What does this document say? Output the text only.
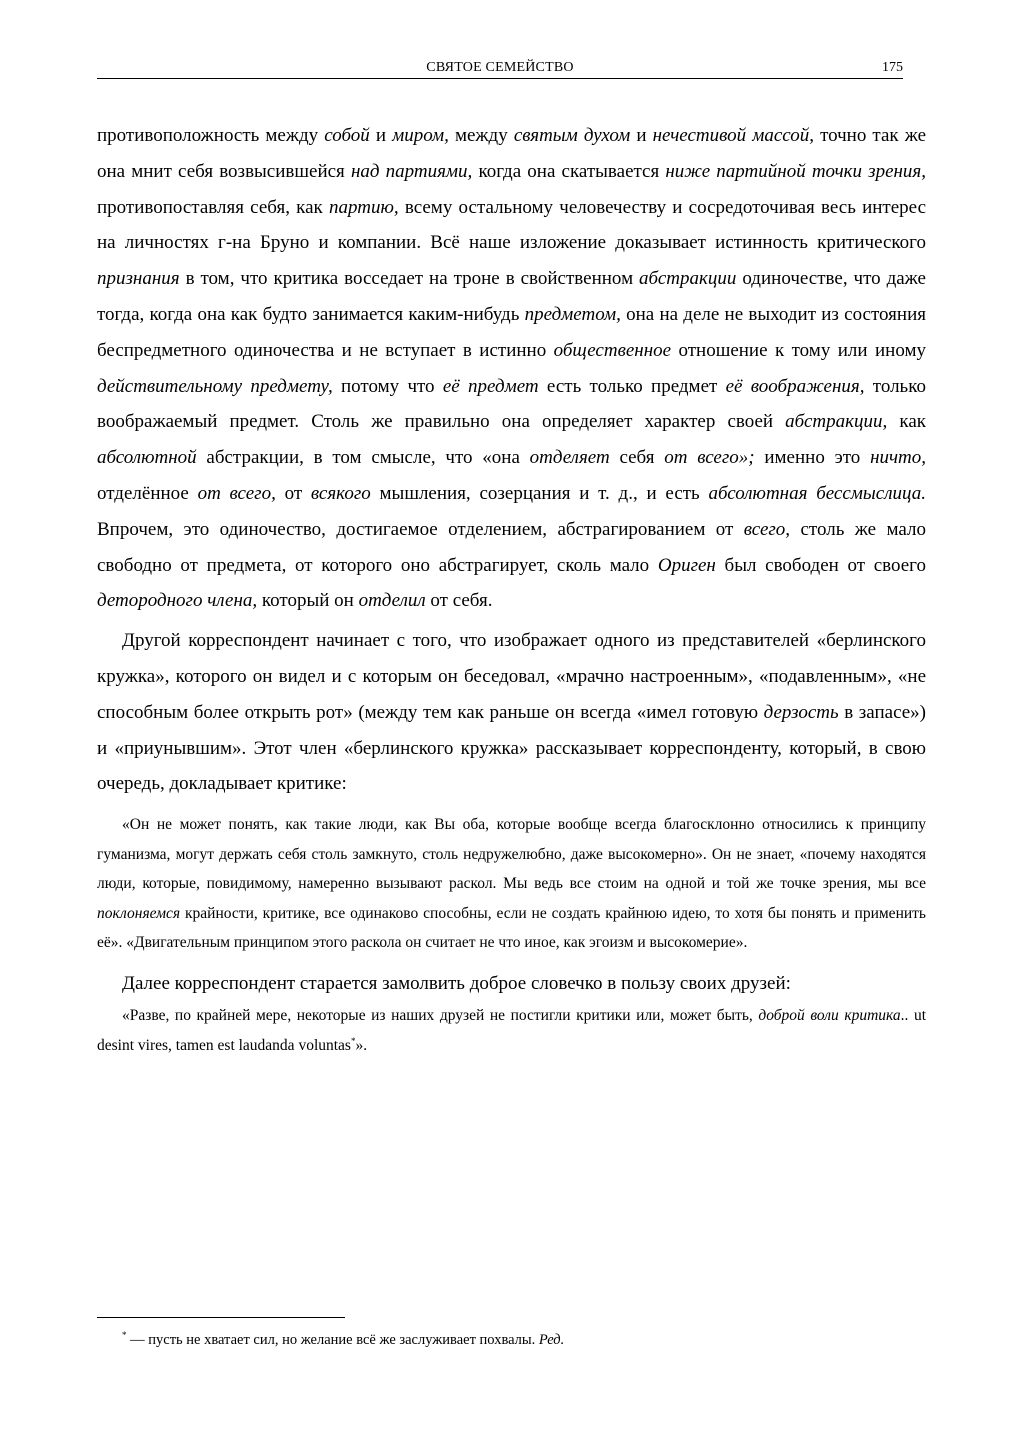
СВЯТОЕ СЕМЕЙСТВО	175

противоположность между собой и миром, между святым духом и нечестивой массой, точно так же она мнит себя возвысившейся над партиями, когда она скатывается ниже партийной точки зрения, противопоставляя себя, как партию, всему остальному человечеству и сосредоточивая весь интерес на личностях г-на Бруно и компании. Всё наше изложение доказывает истинность критического признания в том, что критика восседает на троне в свойственном абстракции одиночестве, что даже тогда, когда она как будто занимается каким-нибудь предметом, она на деле не выходит из состояния беспредметного одиночества и не вступает в истинно общественное отношение к тому или иному действительному предмету, потому что её предмет есть только предмет её воображения, только воображаемый предмет. Столь же правильно она определяет характер своей абстракции, как абсолютной абстракции, в том смысле, что «она отделяет себя от всего»; именно это ничто, отделённое от всего, от всякого мышления, созерцания и т. д., и есть абсолютная бессмыслица. Впрочем, это одиночество, достигаемое отделением, абстрагированием от всего, столь же мало свободно от предмета, от которого оно абстрагирует, сколь мало Ориген был свободен от своего детородного члена, который он отделил от себя.

Другой корреспондент начинает с того, что изображает одного из представителей «берлинского кружка», которого он видел и с которым он беседовал, «мрачно настроенным», «подавленным», «не способным более открыть рот» (между тем как раньше он всегда «имел готовую дерзость в запасе») и «приунывшим». Этот член «берлинского кружка» рассказывает корреспонденту, который, в свою очередь, докладывает критике:

«Он не может понять, как такие люди, как Вы оба, которые вообще всегда благосклонно относились к принципу гуманизма, могут держать себя столь замкнуто, столь недружелюбно, даже высокомерно». Он не знает, «почему находятся люди, которые, повидимому, намеренно вызывают раскол. Мы ведь все стоим на одной и той же точке зрения, мы все поклоняемся крайности, критике, все одинаково способны, если не создать крайнюю идею, то хотя бы понять и применить её». «Двигательным принципом этого раскола он считает не что иное, как эгоизм и высокомерие».

Далее корреспондент старается замолвить доброе словечко в пользу своих друзей:

«Разве, по крайней мере, некоторые из наших друзей не постигли критики или, может быть, доброй воли критика.. ut desint vires, tamen est laudanda voluntas*».

* — пусть не хватает сил, но желание всё же заслуживает похвалы. Ред.
